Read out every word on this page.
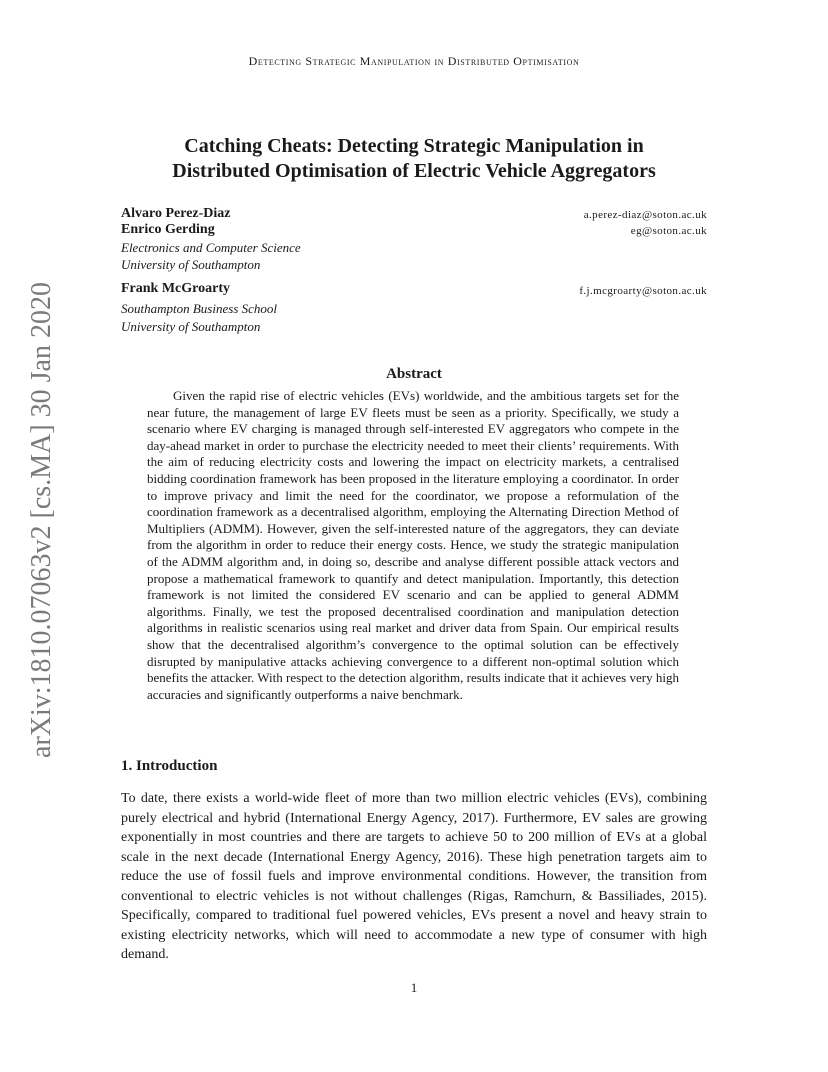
arXiv:1810.07063v2 [cs.MA] 30 Jan 2020
Detecting Strategic Manipulation in Distributed Optimisation
Catching Cheats: Detecting Strategic Manipulation in
Distributed Optimisation of Electric Vehicle Aggregators
Alvaro Perez-Diaz	a.perez-diaz@soton.ac.uk
Enrico Gerding	eg@soton.ac.uk
Electronics and Computer Science
University of Southampton
Frank McGroarty	f.j.mcgroarty@soton.ac.uk
Southampton Business School
University of Southampton
Abstract

Given the rapid rise of electric vehicles (EVs) worldwide, and the ambitious targets set for the near future, the management of large EV fleets must be seen as a priority. Specifically, we study a scenario where EV charging is managed through self-interested EV aggregators who compete in the day-ahead market in order to purchase the electricity needed to meet their clients’ requirements. With the aim of reducing electricity costs and lowering the impact on electricity markets, a centralised bidding coordination framework has been proposed in the literature employing a coordinator. In order to improve privacy and limit the need for the coordinator, we propose a reformulation of the coordination framework as a decentralised algorithm, employing the Alternating Direction Method of Multipliers (ADMM). However, given the self-interested nature of the aggregators, they can deviate from the algorithm in order to reduce their energy costs. Hence, we study the strategic manipulation of the ADMM algorithm and, in doing so, describe and analyse different possible attack vectors and propose a mathematical framework to quantify and detect manipulation. Importantly, this detection framework is not limited the considered EV scenario and can be applied to general ADMM algorithms. Finally, we test the proposed decentralised coordination and manipulation detection algorithms in realistic scenarios using real market and driver data from Spain. Our empirical results show that the decentralised algorithm’s convergence to the optimal solution can be effectively disrupted by manipulative attacks achieving convergence to a different non-optimal solution which benefits the attacker. With respect to the detection algorithm, results indicate that it achieves very high accuracies and significantly outperforms a naive benchmark.

1. Introduction

To date, there exists a world-wide fleet of more than two million electric vehicles (EVs), combining purely electrical and hybrid (International Energy Agency, 2017). Furthermore, EV sales are growing exponentially in most countries and there are targets to achieve 50 to 200 million of EVs at a global scale in the next decade (International Energy Agency, 2016). These high penetration targets aim to reduce the use of fossil fuels and improve environmental conditions. However, the transition from conventional to electric vehicles is not without challenges (Rigas, Ramchurn, & Bassiliades, 2015). Specifically, compared to traditional fuel powered vehicles, EVs present a novel and heavy strain to existing electricity networks, which will need to accommodate a new type of consumer with high demand.

1
